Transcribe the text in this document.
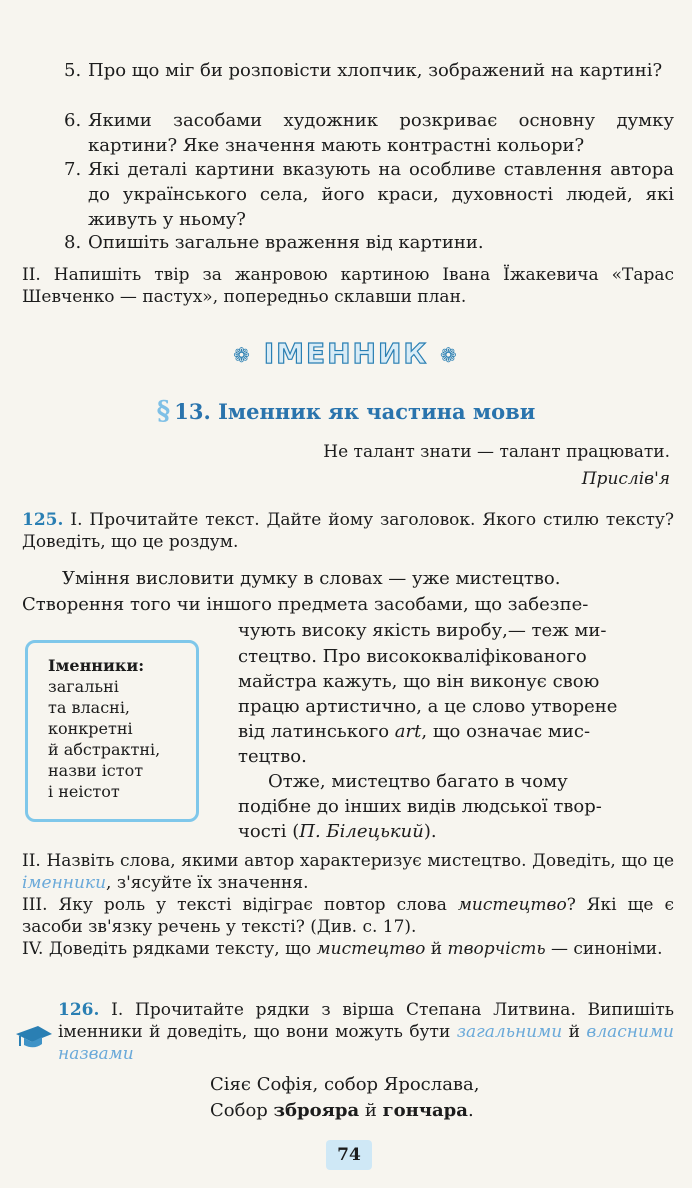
5. Про що міг би розповісти хлопчик, зображений на картині?
6. Якими засобами художник розкриває основну думку картини? Яке значення мають контрастні кольори?
7. Які деталі картини вказують на особливе ставлення автора до українського села, його краси, духовності людей, які живуть у ньому?
8. Опишіть загальне враження від картини.
ІІ. Напишіть твір за жанровою картиною Івана Їжакевича «Тарас Шевченко — пастух», попередньо склавши план.
❁ ІМЕННИК ❁
§ 13. Іменник як частина мови
Не талант знати — талант працювати.
Прислів'я
125. І. Прочитайте текст. Дайте йому заголовок. Якого стилю тексту? Доведіть, що це роздум.
Уміння висловити думку в словах — уже мистецтво.
Створення того чи іншого предмета засобами, що забезпе-
чують високу якість виробу,— теж ми-
стецтво. Про висококваліфікованого
майстра кажуть, що він виконує свою
працю артистично, а це слово утворене
від латинського art, що означає мис-
тецтво.
Отже, мистецтво багато в чому
подібне до інших видів людської твор-
чості (П. Білецький).
Іменники:
загальні
та власні,
конкретні
й абстрактні,
назви істот
і неістот
ІІ. Назвіть слова, якими автор характеризує мистецтво. Доведіть, що це іменники, з'ясуйте їх значення.
ІІІ. Яку роль у тексті відіграє повтор слова мистецтво? Які ще є засоби зв'язку речень у тексті? (Див. с. 17).
IV. Доведіть рядками тексту, що мистецтво й творчість — синоніми.
126. І. Прочитайте рядки з вірша Степана Литвина. Випишіть іменники й доведіть, що вони можуть бути загальними й власними назвами
Сіяє Софія, собор Ярослава,
Собор зброяра й гончара.
74
